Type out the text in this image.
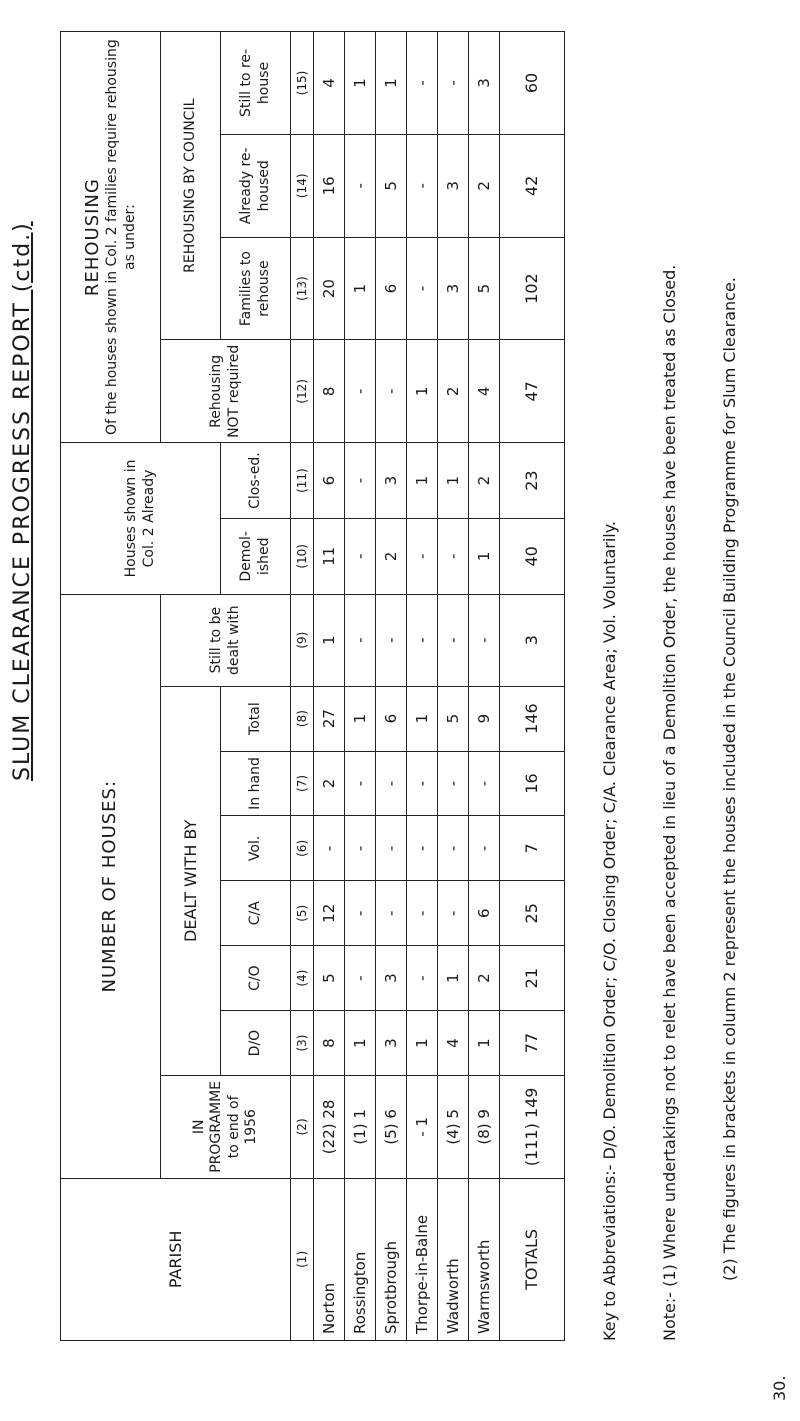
SLUM CLEARANCE PROGRESS REPORT (ctd.)
PARISH	NUMBER OF HOUSES:								Houses shown in Col. 2 Already		REHOUSING Of the houses shown in Col. 2 families require rehousing as under:			

	IN PROGRAMME to end of 1956	DEALT WITH BY						Still to be dealt with			Rehousing NOT required	REHOUSING BY COUNCIL		
		D/O	C/O	C/A	Vol.	In hand	Total		Demol-ished	Clos-ed.		Families to rehouse	Already re-housed	Still to re-house
(1)	(2)	(3)	(4)	(5)	(6)	(7)	(8)	(9)	(10)	(11)	(12)	(13)	(14)	(15)
Norton	(22) 28	8	5	12	-	2	27	1	11	6	8	20	16	4
Rossington	(1) 1	1	-	-	-	-	1	-	-	-	-	1	-	1
Sprotbrough	(5) 6	3	3	-	-	-	6	-	2	3	-	6	5	1
Thorpe-in-Balne	- 1	1	-	-	-	-	1	-	-	1	1	-	-	-
Wadworth	(4) 5	4	1	-	-	-	5	-	-	1	2	3	3	-
Warmsworth	(8) 9	1	2	6	-	-	9	-	1	2	4	5	2	3
TOTALS	(111) 149	77	21	25	7	16	146	3	40	23	47	102	42	60
Key to Abbreviations:- D/O. Demolition Order; C/O. Closing Order; C/A. Clearance Area; Vol. Voluntarily.	Note:- (1) Where undertakings not to relet have been accepted in lieu of a Demolition Order, the houses have been treated as Closed.	(2) The figures in brackets in column 2 represent the houses included in the Council Building Programme for Slum Clearance.
30.
